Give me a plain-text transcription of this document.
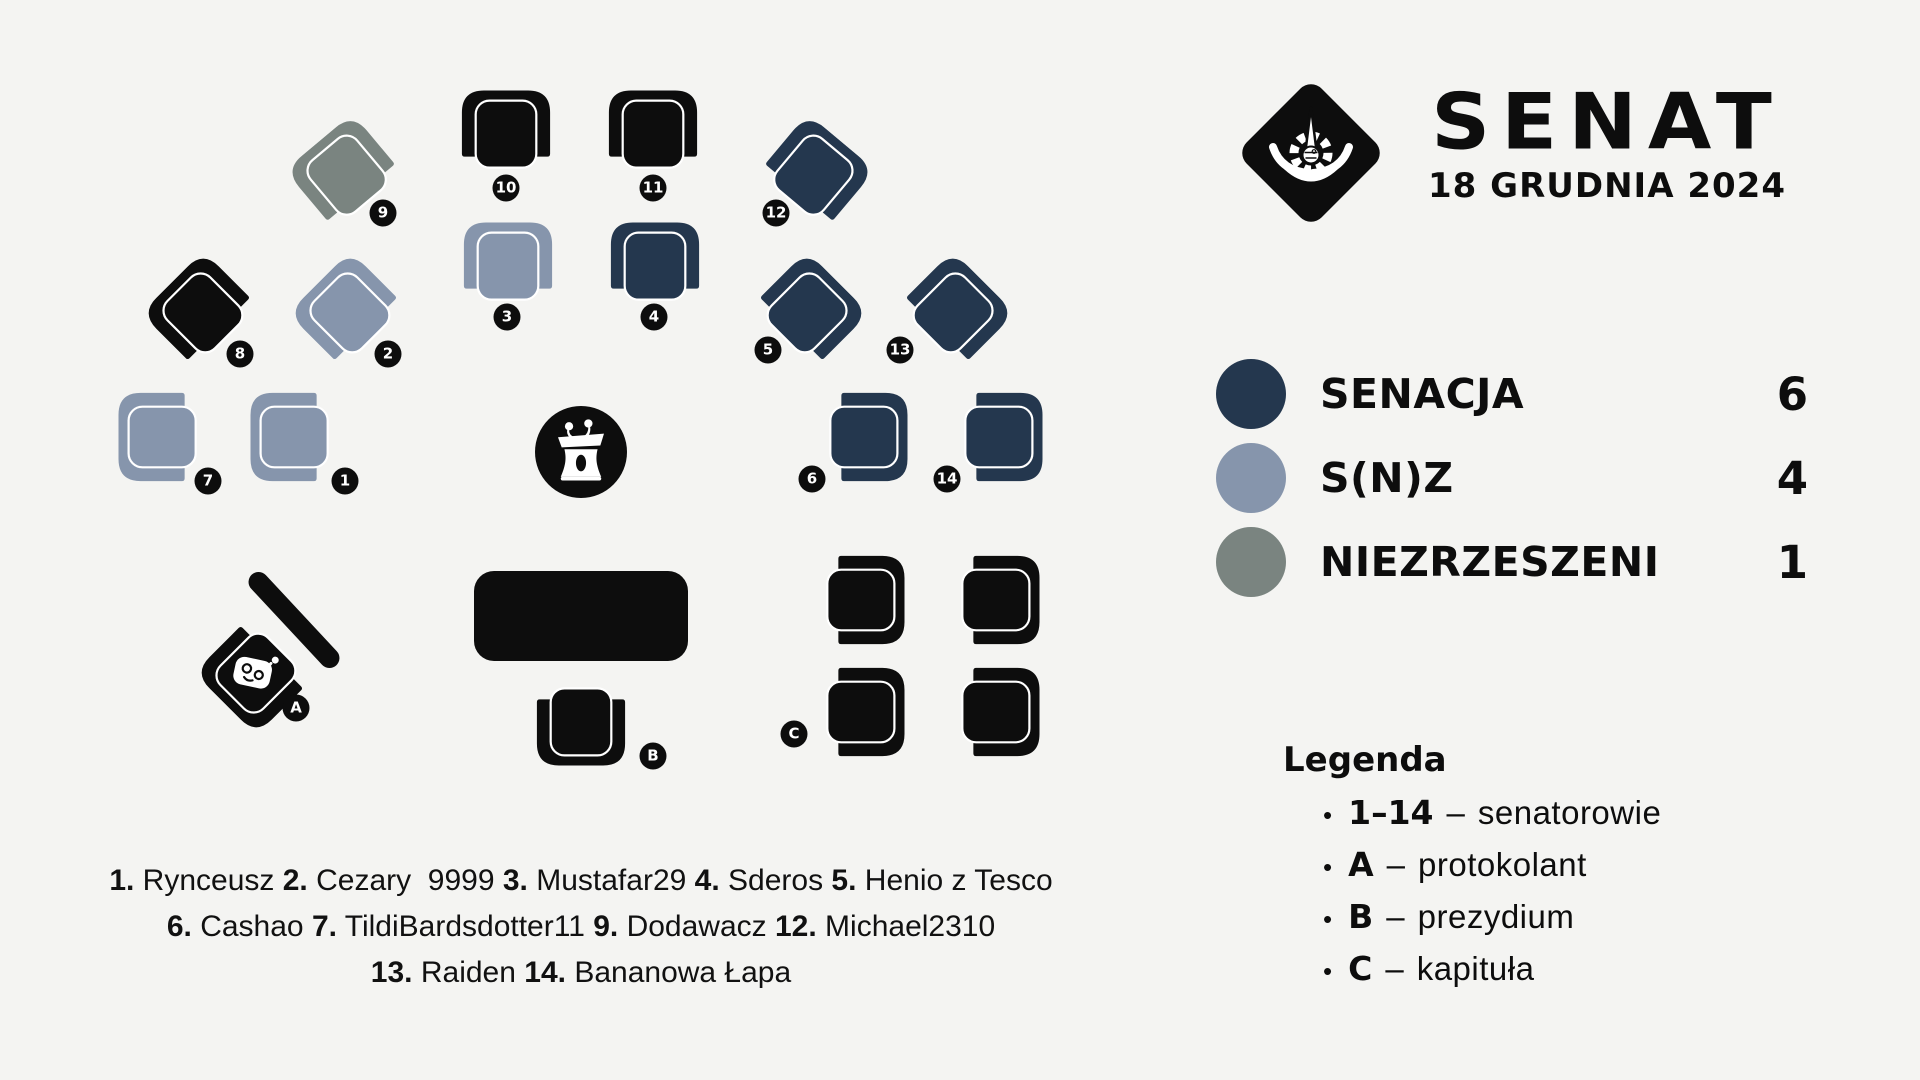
1
2
3	4
5
6
7
8
9
10	11
12
13
14
A
B
C
SENAT
18 GRUDNIA 2024
SENACJA	6
S(N)Z	4
NIEZRZESZENI	1
Legenda
• 1–14 – senatorowie
• A – protokolant
• B – prezydium
• C – kapituła
1. Rynceusz 2. Cezary  9999 3. Mustafar29 4. Sderos 5. Henio z Tesco
6. Cashao 7. TildiBardsdotter11 9. Dodawacz 12. Michael2310
13. Raiden 14. Bananowa Łapa
